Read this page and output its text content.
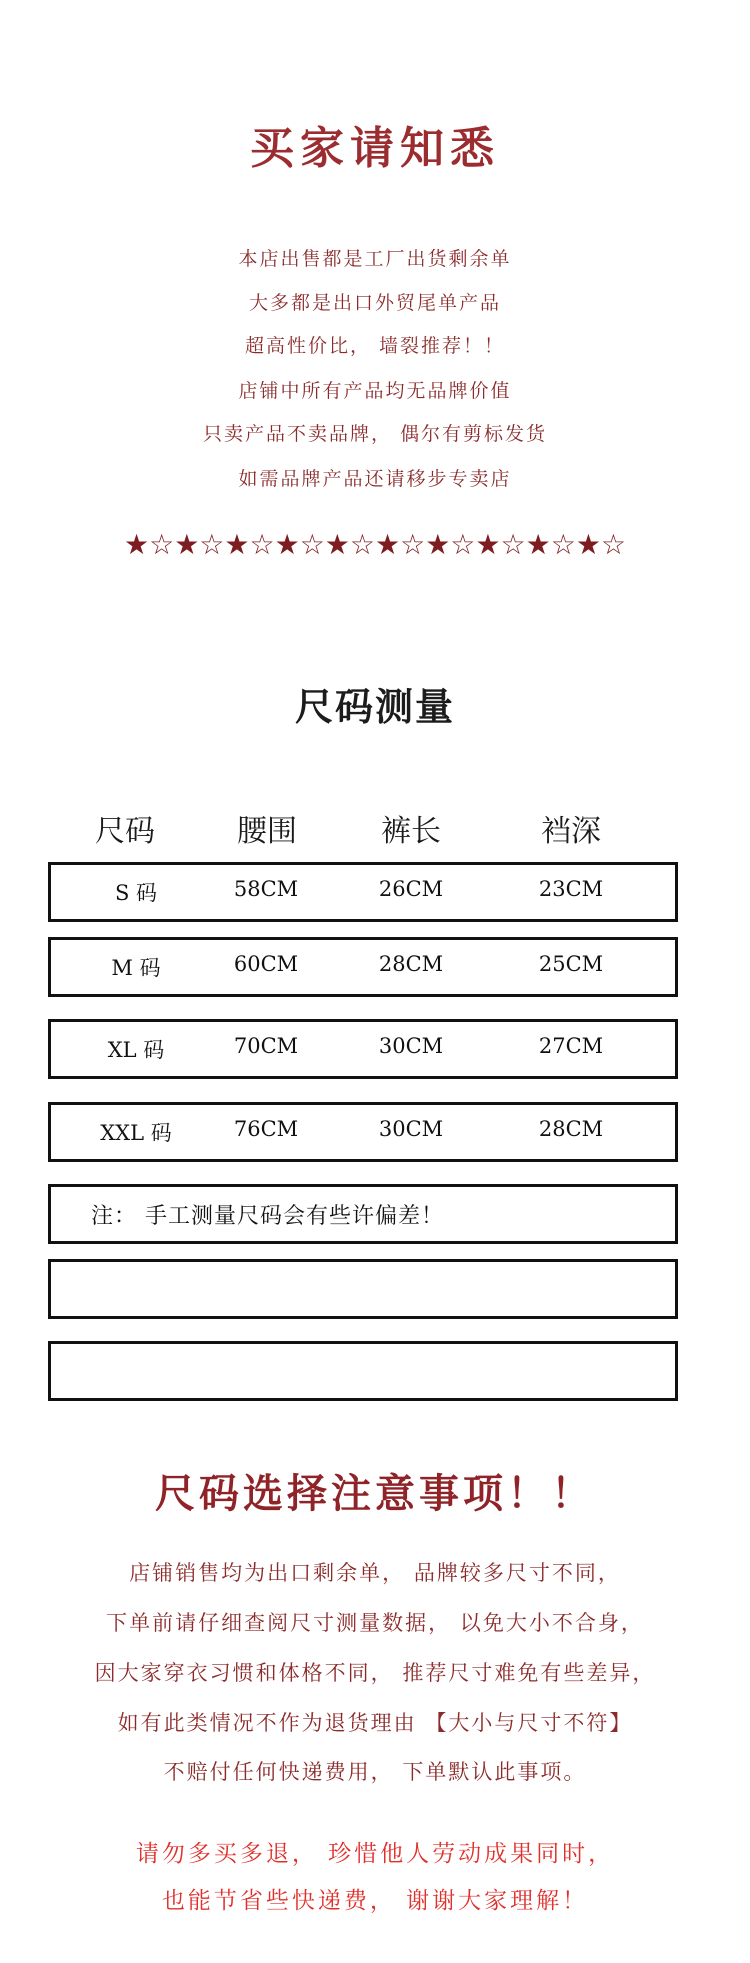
买家请知悉
本店出售都是工厂出货剩余单
大多都是出口外贸尾单产品
超高性价比， 墙裂推荐！！
店铺中所有产品均无品牌价值
只卖产品不卖品牌， 偶尔有剪标发货
如需品牌产品还请移步专卖店
★☆★☆★☆★☆★☆★☆★☆★☆★☆★☆
尺码测量
尺码	腰围	裤长	裆深
S 码	58CM	26CM	23CM
M 码	60CM	28CM	25CM
XL 码	70CM	30CM	27CM
XXL 码	76CM	30CM	28CM
注： 手工测量尺码会有些许偏差！
尺码选择注意事项！！
店铺销售均为出口剩余单， 品牌较多尺寸不同，
下单前请仔细查阅尺寸测量数据， 以免大小不合身，
因大家穿衣习惯和体格不同， 推荐尺寸难免有些差异，
如有此类情况不作为退货理由 【大小与尺寸不符】
不赔付任何快递费用， 下单默认此事项。
请勿多买多退， 珍惜他人劳动成果同时，
也能节省些快递费， 谢谢大家理解！
